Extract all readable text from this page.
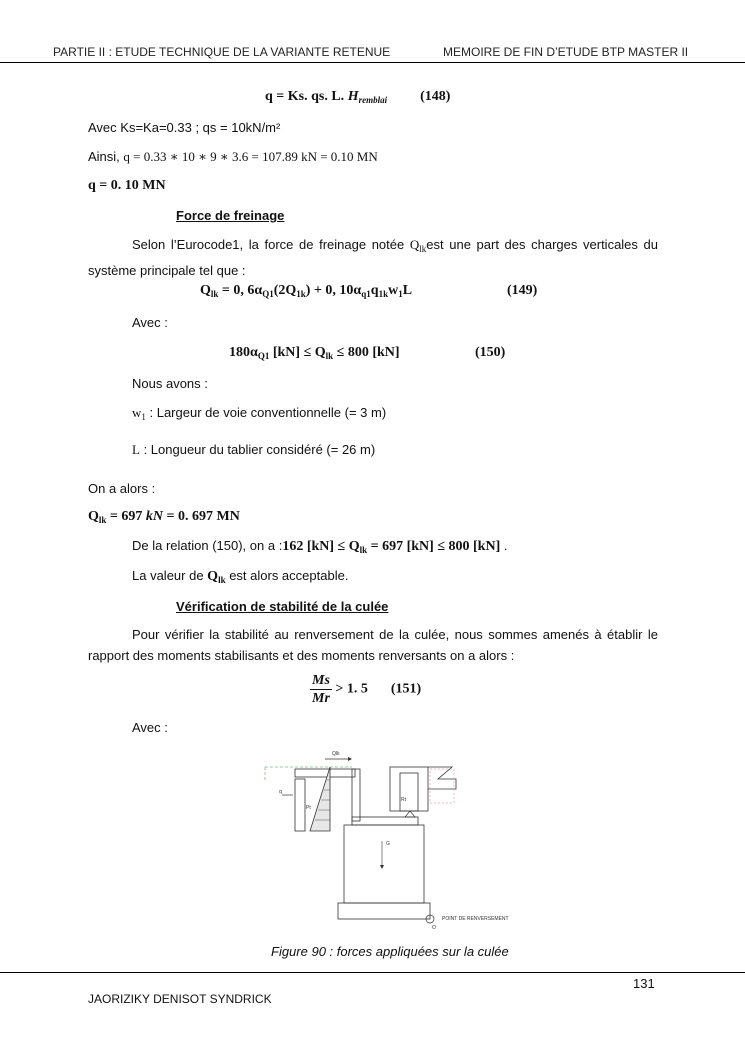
PARTIE II : ETUDE TECHNIQUE DE LA VARIANTE RETENUE	MEMOIRE DE FIN D’ETUDE BTP MASTER II
q = Ks. qs. L. $H_{remblai}$ (148)
Avec Ks=Ka=0.33 ; qs = 10kN/m²
Ainsi, q = 0.33 ∗ 10 ∗ 9 ∗ 3.6 = 107.89 kN = 0.10 MN
q = 0. 10 MN
Force de freinage
Selon l’Eurocode1, la force de freinage notée $Q_{lk}est$ une part des charges verticales du système principale tel que :
$Q_{lk} = 0$, $6\alpha_{Q1}(2Q_{1k}) + 0$, $10\alpha_{q1}q_{1k}w_1L$	(149)
Avec :
$180\alpha_{Q1}$ $[kN] \le Q_{lk} \le 800$ [kN]	(150)
Nous avons :
$w_1$ : Largeur de voie conventionnelle (= 3 m)
L : Longueur du tablier considéré (= 26 m)
On a alors :
$Q_{lk} = 697$ kN = 0. 697 MN
De la relation (150), on a :162 $[kN] \le Q_{lk} = 697$ [kN] ≤ 800 [kN] .
La valeur de $Q_{lk}$ est alors acceptable.
Vérification de stabilité de la culée
Pour vérifier la stabilité au renversement de la culée, nous sommes amenés à établir le rapport des moments stabilisants et des moments renversants on a alors :
$\frac{Ms}{Mr} > 1$. 5 (151)
Avec :
q
Pt
Qlk
Rt
G
O
POINT DE RENVERSEMENT
Figure 90 : forces appliquées sur la culée
131
JAORIZIKY DENISOT SYNDRICK
